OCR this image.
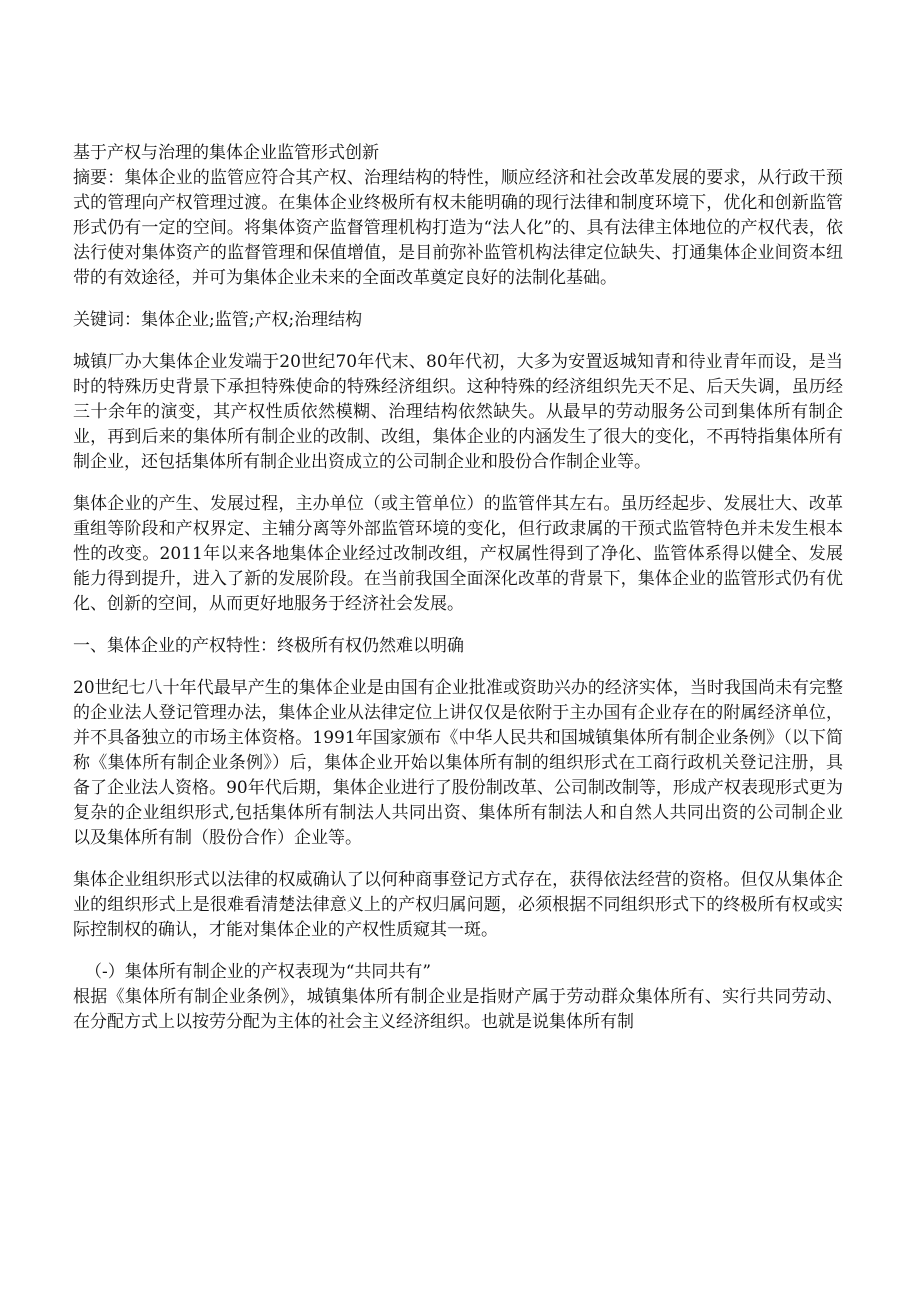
基于产权与治理的集体企业监管形式创新

摘要：集体企业的监管应符合其产权、治理结构的特性，顺应经济和社会改革发展的要求，从行政干预式的管理向产权管理过渡。在集体企业终极所有权未能明确的现行法律和制度环境下，优化和创新监管形式仍有一定的空间。将集体资产监督管理机构打造为“法人化”的、具有法律主体地位的产权代表，依法行使对集体资产的监督管理和保值增值，是目前弥补监管机构法律定位缺失、打通集体企业间资本纽带的有效途径，并可为集体企业未来的全面改革奠定良好的法制化基础。

关键词：集体企业;监管;产权;治理结构

城镇厂办大集体企业发端于20世纪70年代末、80年代初，大多为安置返城知青和待业青年而设，是当时的特殊历史背景下承担特殊使命的特殊经济组织。这种特殊的经济组织先天不足、后天失调，虽历经三十余年的演变，其产权性质依然模糊、治理结构依然缺失。从最早的劳动服务公司到集体所有制企业，再到后来的集体所有制企业的改制、改组，集体企业的内涵发生了很大的变化，不再特指集体所有制企业，还包括集体所有制企业出资成立的公司制企业和股份合作制企业等。

集体企业的产生、发展过程，主办单位（或主管单位）的监管伴其左右。虽历经起步、发展壮大、改革重组等阶段和产权界定、主辅分离等外部监管环境的变化，但行政隶属的干预式监管特色并未发生根本性的改变。2011年以来各地集体企业经过改制改组，产权属性得到了净化、监管体系得以健全、发展能力得到提升，进入了新的发展阶段。在当前我国全面深化改革的背景下，集体企业的监管形式仍有优化、创新的空间，从而更好地服务于经济社会发展。

一、集体企业的产权特性：终极所有权仍然难以明确

20世纪七八十年代最早产生的集体企业是由国有企业批准或资助兴办的经济实体，当时我国尚未有完整的企业法人登记管理办法，集体企业从法律定位上讲仅仅是依附于主办国有企业存在的附属经济单位，并不具备独立的市场主体资格。1991年国家颁布《中华人民共和国城镇集体所有制企业条例》（以下简称《集体所有制企业条例》）后，集体企业开始以集体所有制的组织形式在工商行政机关登记注册，具备了企业法人资格。90年代后期，集体企业进行了股份制改革、公司制改制等，形成产权表现形式更为复杂的企业组织形式,包括集体所有制法人共同出资、集体所有制法人和自然人共同出资的公司制企业以及集体所有制（股份合作）企业等。

集体企业组织形式以法律的权威确认了以何种商事登记方式存在，获得依法经营的资格。但仅从集体企业的组织形式上是很难看清楚法律意义上的产权归属问题，必须根据不同组织形式下的终极所有权或实际控制权的确认，才能对集体企业的产权性质窥其一斑。

（-）集体所有制企业的产权表现为“共同共有”

根据《集体所有制企业条例》，城镇集体所有制企业是指财产属于劳动群众集体所有、实行共同劳动、在分配方式上以按劳分配为主体的社会主义经济组织。也就是说集体所有制
